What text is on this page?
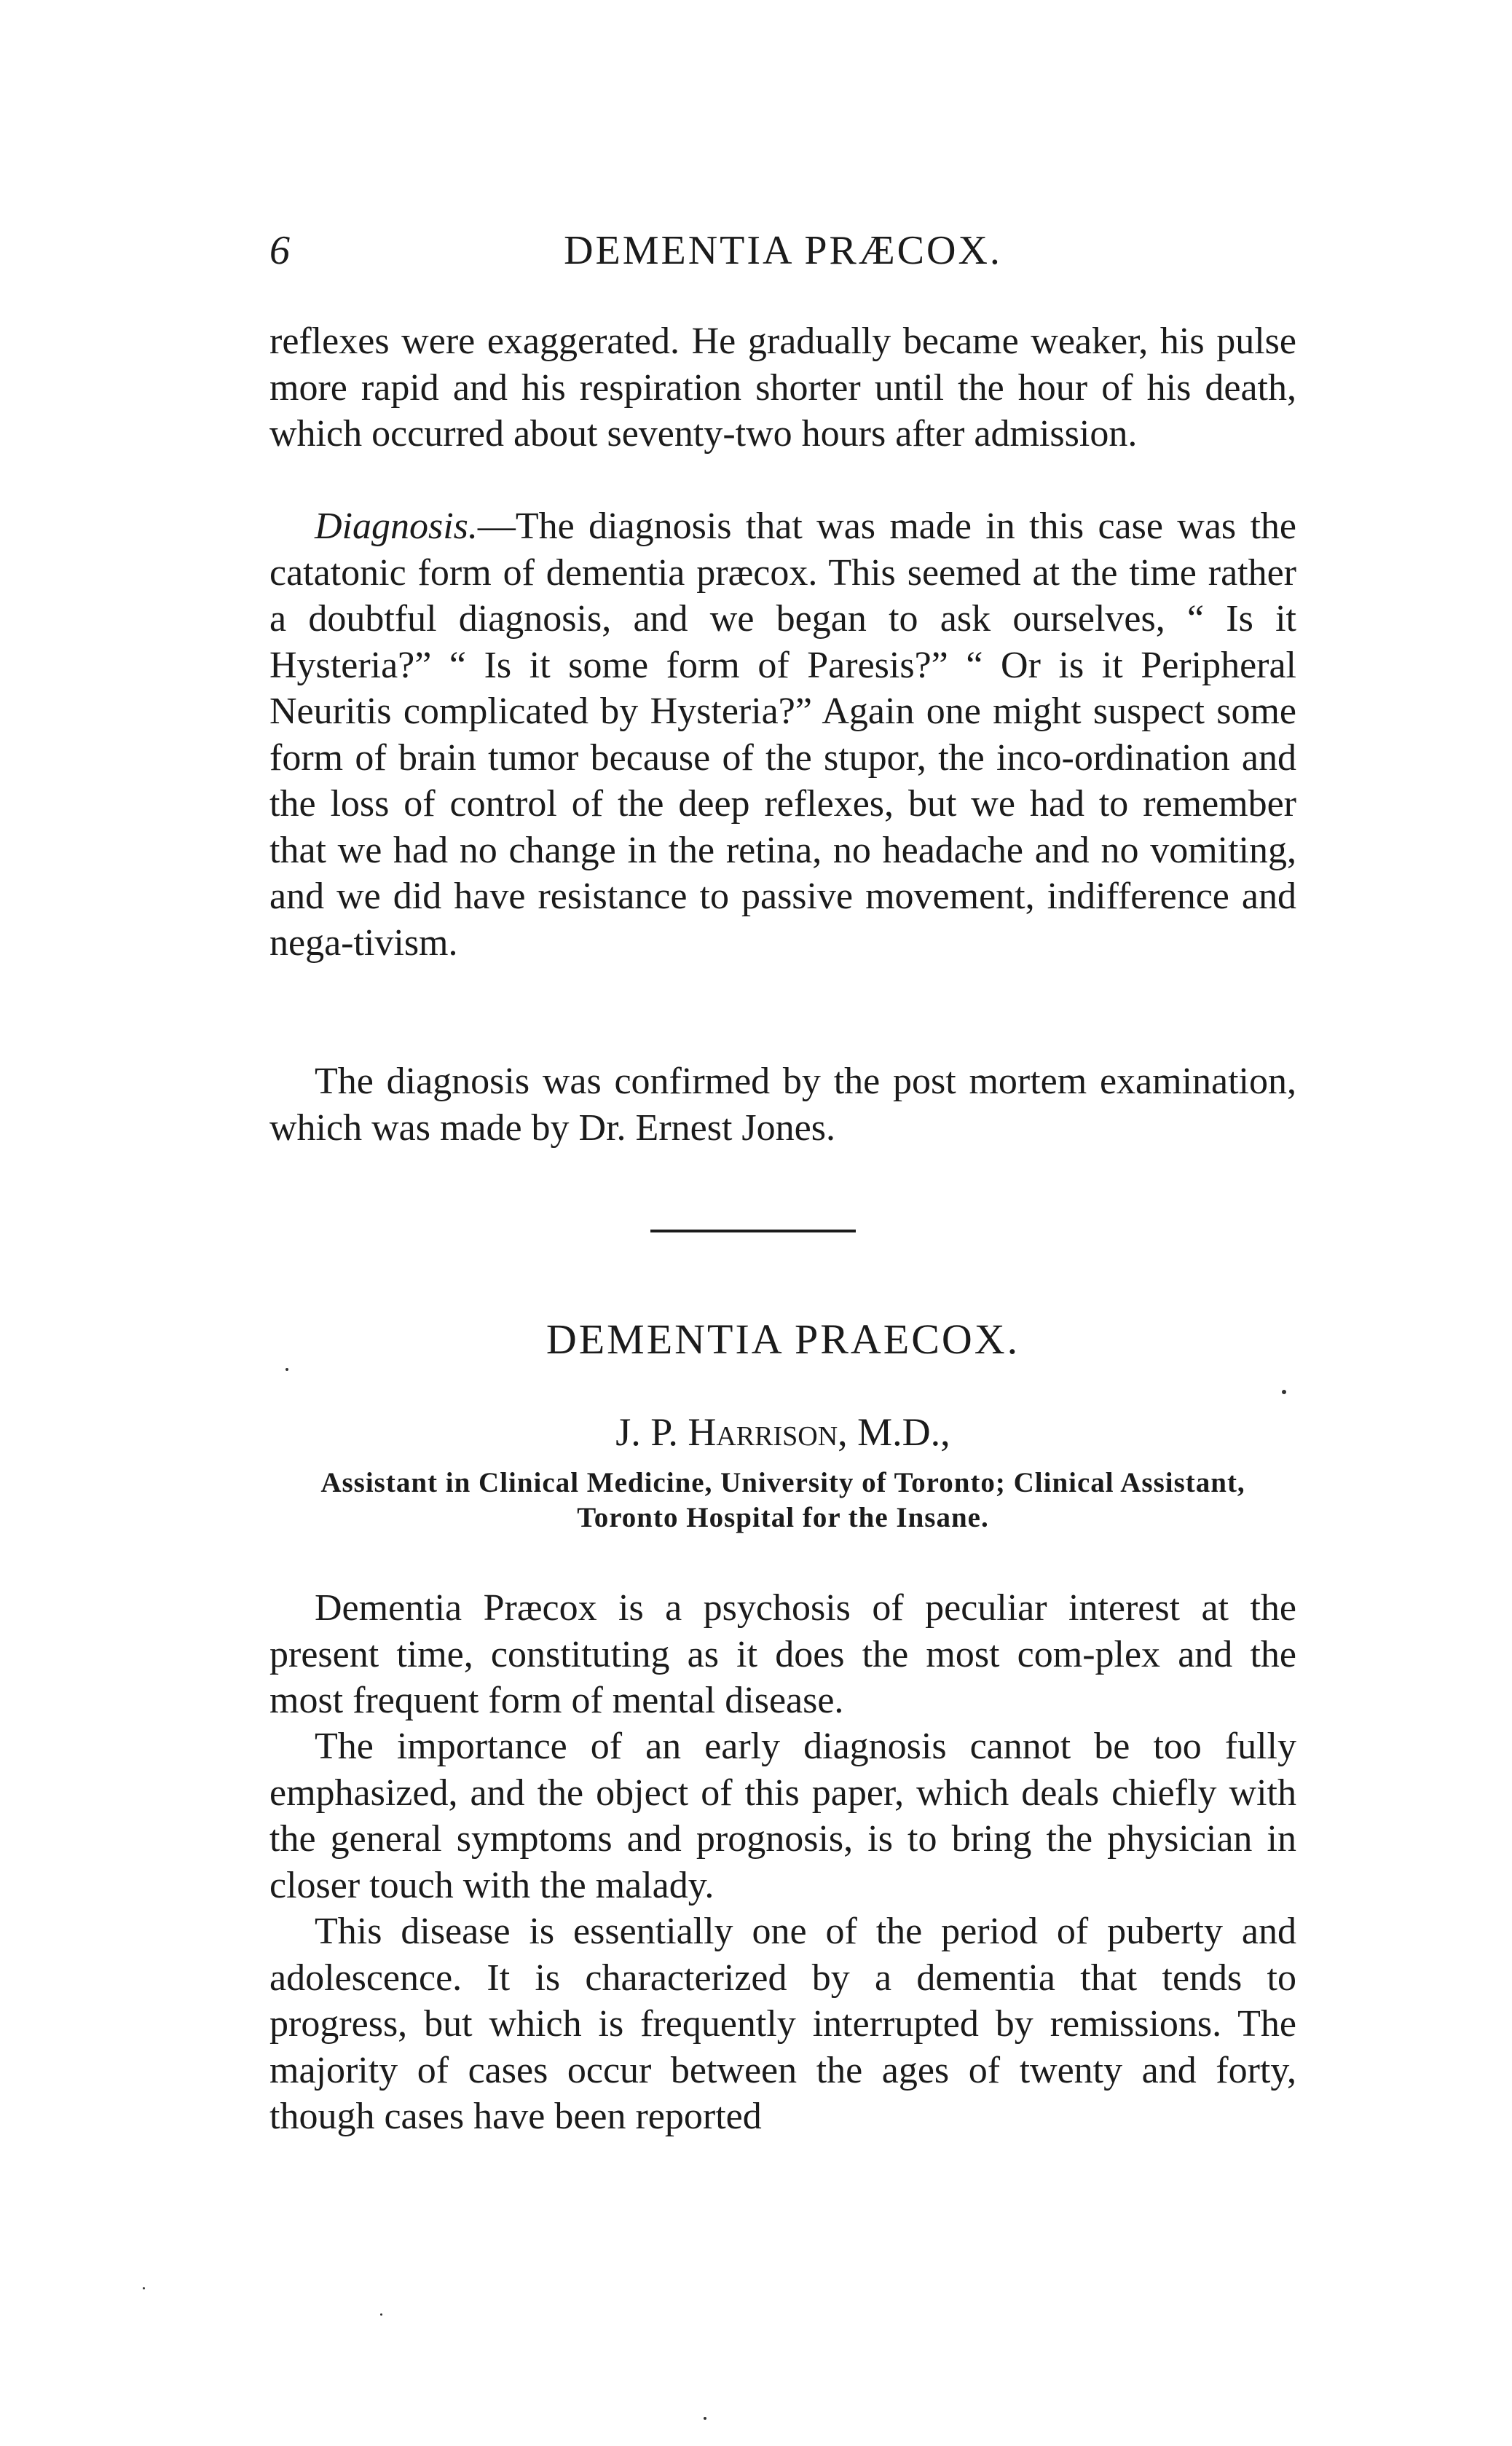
6	DEMENTIA PRÆCOX.

reflexes were exaggerated. He gradually became weaker, his pulse more rapid and his respiration shorter until the hour of his death, which occurred about seventy-two hours after admission.

Diagnosis.—The diagnosis that was made in this case was the catatonic form of dementia præcox. This seemed at the time rather a doubtful diagnosis, and we began to ask ourselves, “ Is it Hysteria?” “ Is it some form of Paresis?” “ Or is it Peripheral Neuritis complicated by Hysteria?” Again one might suspect some form of brain tumor because of the stupor, the inco-ordination and the loss of control of the deep reflexes, but we had to remember that we had no change in the retina, no headache and no vomiting, and we did have resistance to passive movement, indifference and nega-tivism.

The diagnosis was confirmed by the post mortem examination, which was made by Dr. Ernest Jones.

DEMENTIA PRAECOX.
J. P. Harrison, M.D.,
Assistant in Clinical Medicine, University of Toronto; Clinical Assistant, Toronto Hospital for the Insane.

Dementia Præcox is a psychosis of peculiar interest at the present time, constituting as it does the most com-plex and the most frequent form of mental disease.

The importance of an early diagnosis cannot be too fully emphasized, and the object of this paper, which deals chiefly with the general symptoms and prognosis, is to bring the physician in closer touch with the malady.

This disease is essentially one of the period of puberty and adolescence. It is characterized by a dementia that tends to progress, but which is frequently interrupted by remissions. The majority of cases occur between the ages of twenty and forty, though cases have been reported
